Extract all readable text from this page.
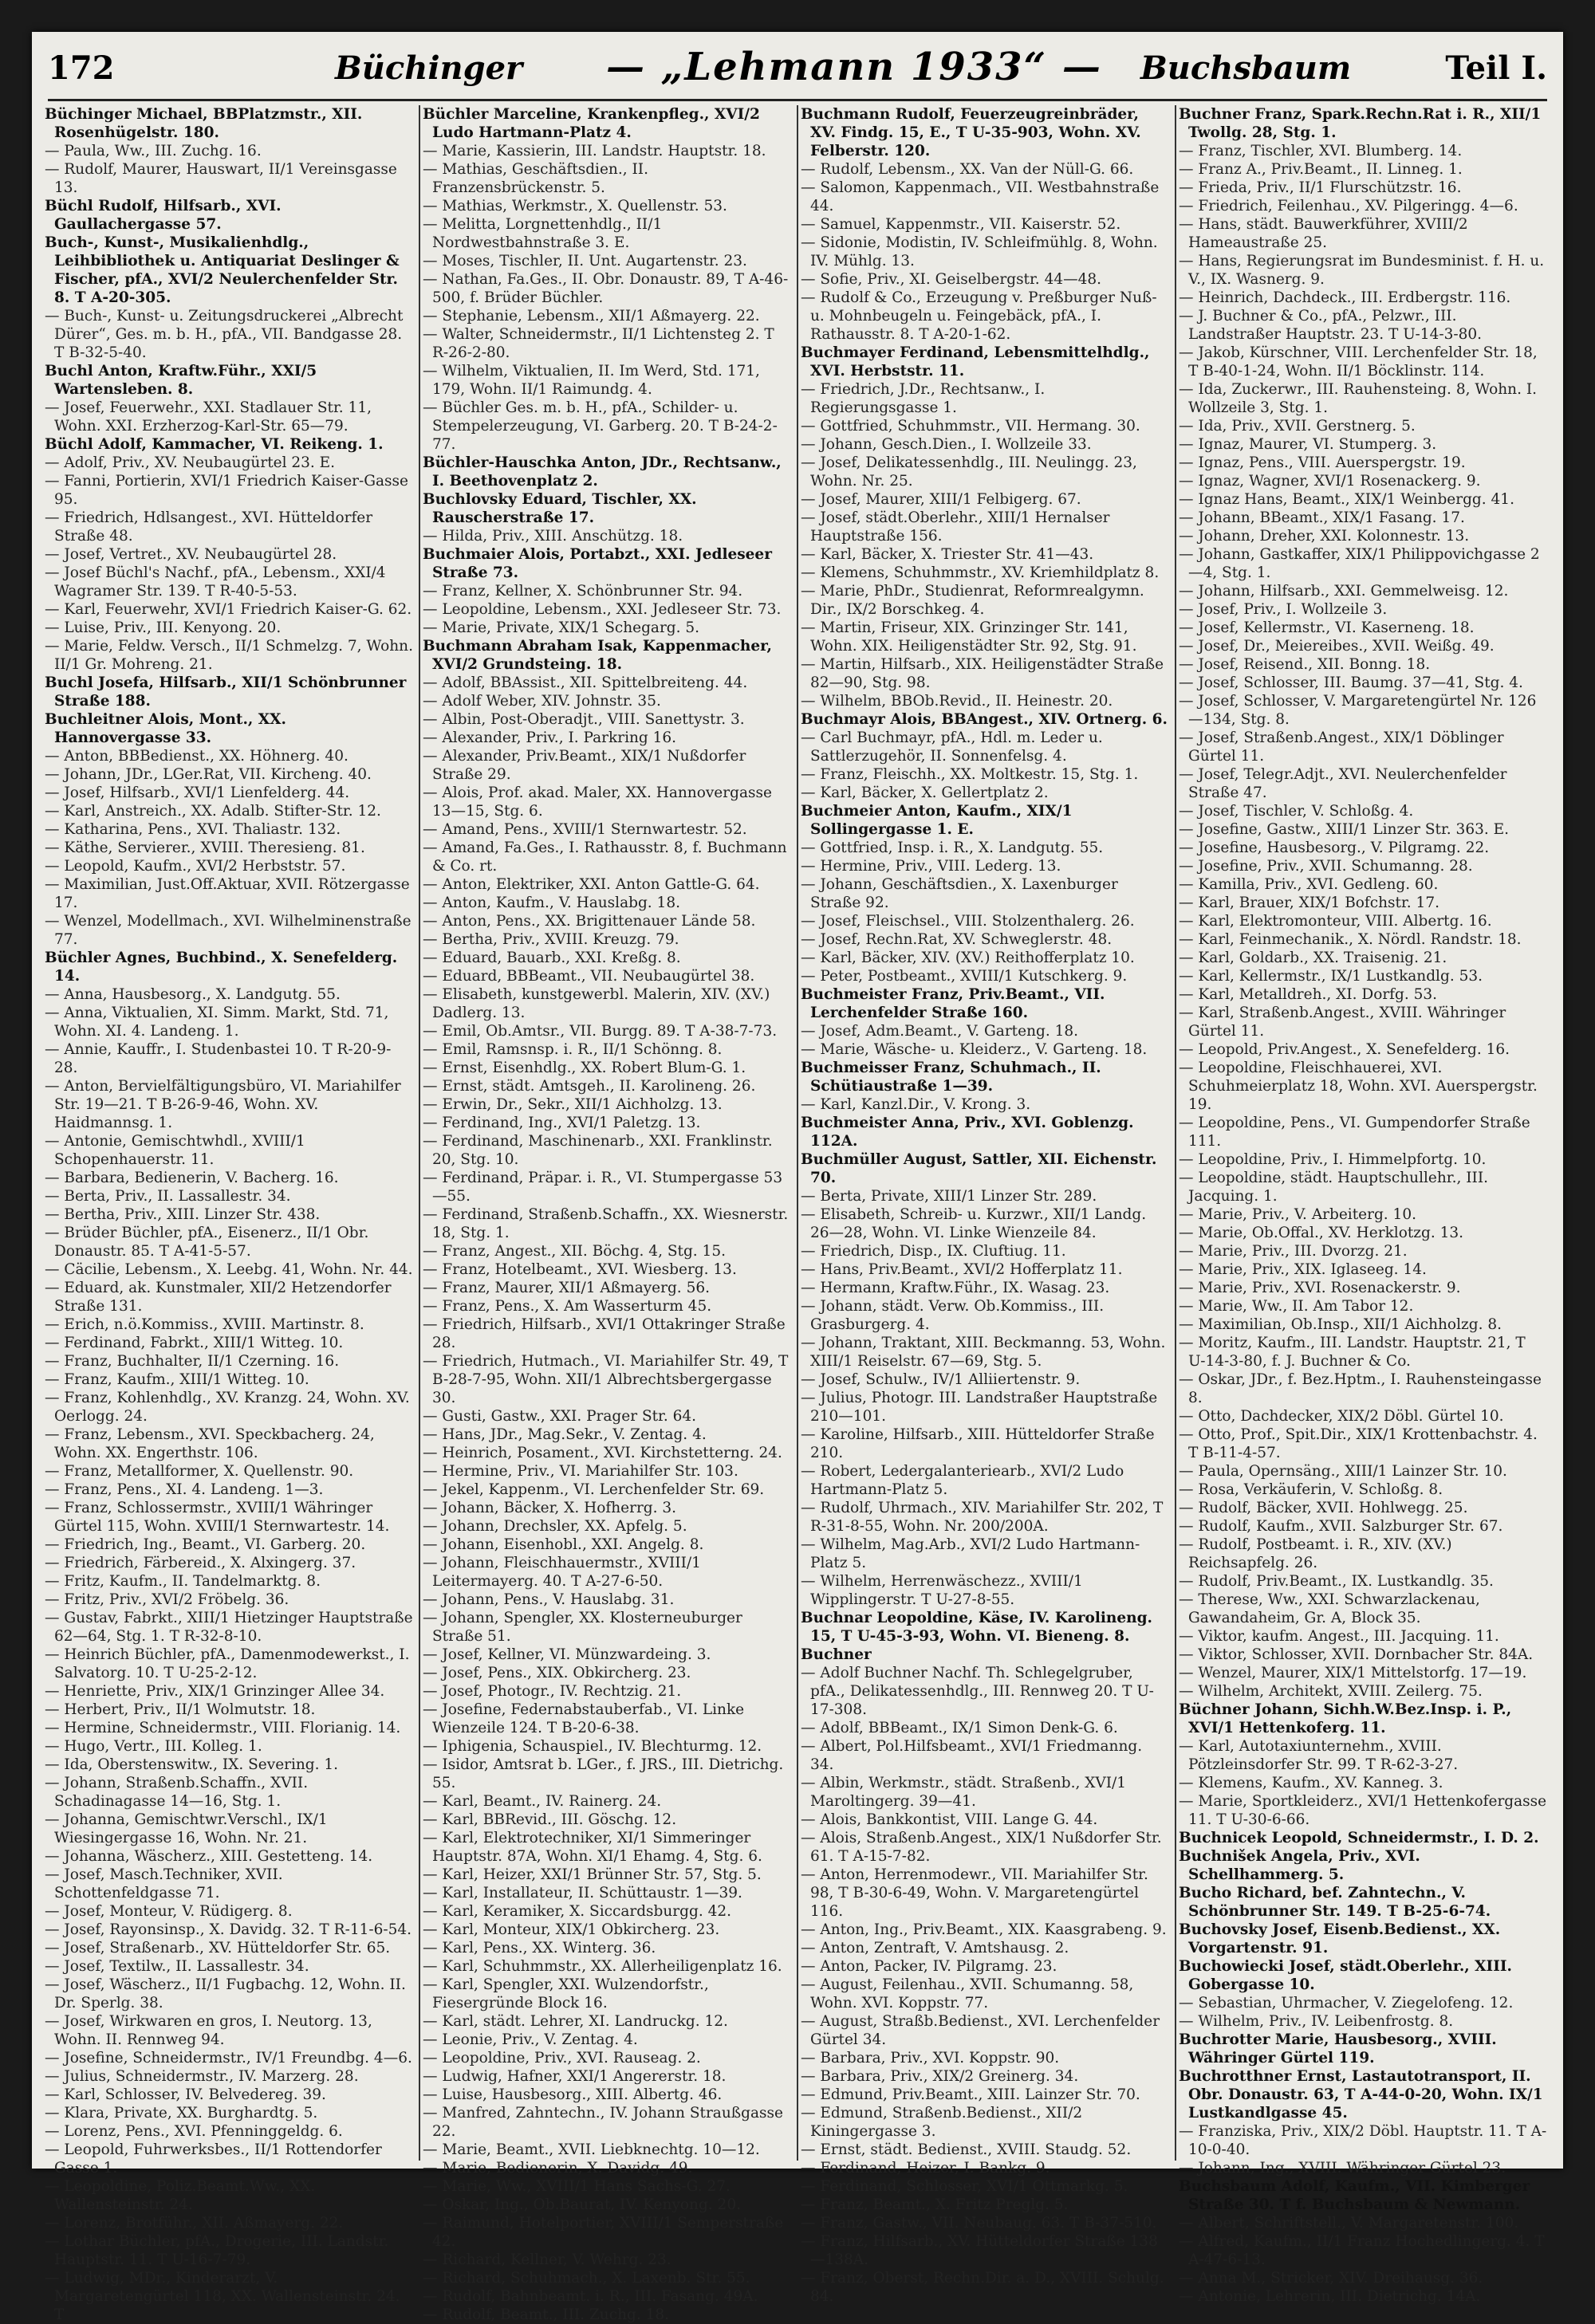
172	Büchinger — „Lehmann 1933“ — Buchsbaum	Teil I.

Büchinger Michael, BBPlatzmstr., XII. Rosenhügelstr. 180.

— Paula, Ww., III. Zuchg. 16.

— Rudolf, Maurer, Hauswart, II/1 Vereinsgasse 13.

Büchl Rudolf, Hilfsarb., XVI. Gaullachergasse 57.

Buch-, Kunst-, Musikalienhdlg., Leihbibliothek u. Antiquariat Deslinger & Fischer, pfA., XVI/2 Neulerchenfelder Str. 8. T A-20-305.

— Buch-, Kunst- u. Zeitungsdruckerei „Albrecht Dürer“, Ges. m. b. H., pfA., VII. Bandgasse 28. T B-32-5-40.

Buchl Anton, Kraftw.Führ., XXI/5 Wartensleben. 8.

— Josef, Feuerwehr., XXI. Stadlauer Str. 11, Wohn. XXI. Erzherzog-Karl-Str. 65—79.

Büchl Adolf, Kammacher, VI. Reikeng. 1.

— Adolf, Priv., XV. Neubaugürtel 23. E.

— Fanni, Portierin, XVI/1 Friedrich Kaiser-Gasse 95.

— Friedrich, Hdlsangest., XVI. Hütteldorfer Straße 48.

— Josef, Vertret., XV. Neubaugürtel 28.

— Josef Büchl's Nachf., pfA., Lebensm., XXI/4 Wagramer Str. 139. T R-40-5-53.

— Karl, Feuerwehr, XVI/1 Friedrich Kaiser-G. 62.

— Luise, Priv., III. Kenyong. 20.

— Marie, Feldw. Versch., II/1 Schmelzg. 7, Wohn. II/1 Gr. Mohreng. 21.

Buchl Josefa, Hilfsarb., XII/1 Schönbrunner Straße 188.

Buchleitner Alois, Mont., XX. Hannovergasse 33.

— Anton, BBBedienst., XX. Höhnerg. 40.

— Johann, JDr., LGer.Rat, VII. Kircheng. 40.

— Josef, Hilfsarb., XVI/1 Lienfelderg. 44.

— Karl, Anstreich., XX. Adalb. Stifter-Str. 12.

— Katharina, Pens., XVI. Thaliastr. 132.

— Käthe, Servierer., XVIII. Theresieng. 81.

— Leopold, Kaufm., XVI/2 Herbststr. 57.

— Maximilian, Just.Off.Aktuar, XVII. Rötzergasse 17.

— Wenzel, Modellmach., XVI. Wilhelminenstraße 77.

Büchler Agnes, Buchbind., X. Senefelderg. 14.

— Anna, Hausbesorg., X. Landgutg. 55.

— Anna, Viktualien, XI. Simm. Markt, Std. 71, Wohn. XI. 4. Landeng. 1.

— Annie, Kauffr., I. Studenbastei 10. T R-20-9-28.

— Anton, Bervielfältigungsbüro, VI. Mariahilfer Str. 19—21. T B-26-9-46, Wohn. XV. Haidmannsg. 1.

— Antonie, Gemischtwhdl., XVIII/1 Schopenhauerstr. 11.

— Barbara, Bedienerin, V. Bacherg. 16.

— Berta, Priv., II. Lassallestr. 34.

— Bertha, Priv., XIII. Linzer Str. 438.

— Brüder Büchler, pfA., Eisenerz., II/1 Obr. Donaustr. 85. T A-41-5-57.

— Cäcilie, Lebensm., X. Leebg. 41, Wohn. Nr. 44.

— Eduard, ak. Kunstmaler, XII/2 Hetzendorfer Straße 131.

— Erich, n.ö.Kommiss., XVIII. Martinstr. 8.

— Ferdinand, Fabrkt., XIII/1 Witteg. 10.

— Franz, Buchhalter, II/1 Czerning. 16.

— Franz, Kaufm., XIII/1 Witteg. 10.

— Franz, Kohlenhdlg., XV. Kranzg. 24, Wohn. XV. Oerlogg. 24.

— Franz, Lebensm., XVI. Speckbacherg. 24, Wohn. XX. Engerthstr. 106.

— Franz, Metallformer, X. Quellenstr. 90.

— Franz, Pens., XI. 4. Landeng. 1—3.

— Franz, Schlossermstr., XVIII/1 Währinger Gürtel 115, Wohn. XVIII/1 Sternwartestr. 14.

— Friedrich, Ing., Beamt., VI. Garberg. 20.

— Friedrich, Färbereid., X. Alxingerg. 37.

— Fritz, Kaufm., II. Tandelmarktg. 8.

— Fritz, Priv., XVI/2 Fröbelg. 36.

— Gustav, Fabrkt., XIII/1 Hietzinger Hauptstraße 62—64, Stg. 1. T R-32-8-10.

— Heinrich Büchler, pfA., Damenmodewerkst., I. Salvatorg. 10. T U-25-2-12.

— Henriette, Priv., XIX/1 Grinzinger Allee 34.

— Herbert, Priv., II/1 Wolmutstr. 18.

— Hermine, Schneidermstr., VIII. Florianig. 14.

— Hugo, Vertr., III. Kolleg. 1.

— Ida, Oberstenswitw., IX. Severing. 1.

— Johann, Straßenb.Schaffn., XVII. Schadinagasse 14—16, Stg. 1.

— Johanna, Gemischtwr.Verschl., IX/1 Wiesingergasse 16, Wohn. Nr. 21.

— Johanna, Wäscherz., XIII. Gestetteng. 14.

— Josef, Masch.Techniker, XVII. Schottenfeldgasse 71.

— Josef, Monteur, V. Rüdigerg. 8.

— Josef, Rayonsinsp., X. Davidg. 32. T R-11-6-54.

— Josef, Straßenarb., XV. Hütteldorfer Str. 65.

— Josef, Textilw., II. Lassallestr. 34.

— Josef, Wäscherz., II/1 Fugbachg. 12, Wohn. II. Dr. Sperlg. 38.

— Josef, Wirkwaren en gros, I. Neutorg. 13, Wohn. II. Rennweg 94.

— Josefine, Schneidermstr., IV/1 Freundbg. 4—6.

— Julius, Schneidermstr., IV. Marzerg. 28.

— Karl, Schlosser, IV. Belvedereg. 39.

— Klara, Private, XX. Burghardtg. 5.

— Lorenz, Pens., XVI. Pfenninggeldg. 6.

— Leopold, Fuhrwerksbes., II/1 Rottendorfer Gasse 1.

— Leopoldine, Poliz.Beamt.Ww., XX. Wallensteinstr. 24.

— Lorenz, Brotführ., XII. Aßmayerg. 22.

— Lothar Büchler, pfA., Drogerie, III. Landstr. Hauptstr. 11. T U-16-7-79.

— Ludwig, MDr., Kinderarzt, V. Margaretengürtel 118, XX. Wallensteinstr. 24. T

Büchler Marceline, Krankenpfleg., XVI/2 Ludo Hartmann-Platz 4.

— Marie, Kassierin, III. Landstr. Hauptstr. 18.

— Mathias, Geschäftsdien., II. Franzensbrückenstr. 5.

— Mathias, Werkmstr., X. Quellenstr. 53.

— Melitta, Lorgnettenhdlg., II/1 Nordwestbahnstraße 3. E.

— Moses, Tischler, II. Unt. Augartenstr. 23.

— Nathan, Fa.Ges., II. Obr. Donaustr. 89, T A-46-500, f. Brüder Büchler.

— Stephanie, Lebensm., XII/1 Aßmayerg. 22.

— Walter, Schneidermstr., II/1 Lichtensteg 2. T R-26-2-80.

— Wilhelm, Viktualien, II. Im Werd, Std. 171, 179, Wohn. II/1 Raimundg. 4.

— Büchler Ges. m. b. H., pfA., Schilder- u. Stempelerzeugung, VI. Garberg. 20. T B-24-2-77.

Büchler-Hauschka Anton, JDr., Rechtsanw., I. Beethovenplatz 2.

Buchlovsky Eduard, Tischler, XX. Rauscherstraße 17.

— Hilda, Priv., XIII. Anschützg. 18.

Buchmaier Alois, Portabzt., XXI. Jedleseer Straße 73.

— Franz, Kellner, X. Schönbrunner Str. 94.

— Leopoldine, Lebensm., XXI. Jedleseer Str. 73.

— Marie, Private, XIX/1 Schegarg. 5.

Buchmann Abraham Isak, Kappenmacher, XVI/2 Grundsteing. 18.

— Adolf, BBAssist., XII. Spittelbreiteng. 44.

— Adolf Weber, XIV. Johnstr. 35.

— Albin, Post-Oberadjt., VIII. Sanettystr. 3.

— Alexander, Priv., I. Parkring 16.

— Alexander, Priv.Beamt., XIX/1 Nußdorfer Straße 29.

— Alois, Prof. akad. Maler, XX. Hannovergasse 13—15, Stg. 6.

— Amand, Pens., XVIII/1 Sternwartestr. 52.

— Amand, Fa.Ges., I. Rathausstr. 8, f. Buchmann & Co. rt.

— Anton, Elektriker, XXI. Anton Gattle-G. 64.

— Anton, Kaufm., V. Hauslabg. 18.

— Anton, Pens., XX. Brigittenauer Lände 58.

— Bertha, Priv., XVIII. Kreuzg. 79.

— Eduard, Bauarb., XXI. Kreßg. 8.

— Eduard, BBBeamt., VII. Neubaugürtel 38.

— Elisabeth, kunstgewerbl. Malerin, XIV. (XV.) Dadlerg. 13.

— Emil, Ob.Amtsr., VII. Burgg. 89. T A-38-7-73.

— Emil, Ramsnsp. i. R., II/1 Schönng. 8.

— Ernst, Eisenhdlg., XX. Robert Blum-G. 1.

— Ernst, städt. Amtsgeh., II. Karolineng. 26.

— Erwin, Dr., Sekr., XII/1 Aichholzg. 13.

— Ferdinand, Ing., XVI/1 Paletzg. 13.

— Ferdinand, Maschinenarb., XXI. Franklinstr. 20, Stg. 10.

— Ferdinand, Präpar. i. R., VI. Stumpergasse 53—55.

— Ferdinand, Straßenb.Schaffn., XX. Wiesnerstr. 18, Stg. 1.

— Franz, Angest., XII. Böchg. 4, Stg. 15.

— Franz, Hotelbeamt., XVI. Wiesberg. 13.

— Franz, Maurer, XII/1 Aßmayerg. 56.

— Franz, Pens., X. Am Wasserturm 45.

— Friedrich, Hilfsarb., XVI/1 Ottakringer Straße 28.

— Friedrich, Hutmach., VI. Mariahilfer Str. 49, T B-28-7-95, Wohn. XII/1 Albrechtsbergergasse 30.

— Gusti, Gastw., XXI. Prager Str. 64.

— Hans, JDr., Mag.Sekr., V. Zentag. 4.

— Heinrich, Posament., XVI. Kirchstetterng. 24.

— Hermine, Priv., VI. Mariahilfer Str. 103.

— Jekel, Kappenm., VI. Lerchenfelder Str. 69.

— Johann, Bäcker, X. Hofherrg. 3.

— Johann, Drechsler, XX. Apfelg. 5.

— Johann, Eisenhobl., XXI. Angelg. 8.

— Johann, Fleischhauermstr., XVIII/1 Leitermayerg. 40. T A-27-6-50.

— Johann, Pens., V. Hauslabg. 31.

— Johann, Spengler, XX. Klosterneuburger Straße 51.

— Josef, Kellner, VI. Münzwardeing. 3.

— Josef, Pens., XIX. Obkircherg. 23.

— Josef, Photogr., IV. Rechtzig. 21.

— Josefine, Federnabstauberfab., VI. Linke Wienzeile 124. T B-20-6-38.

— Iphigenia, Schauspiel., IV. Blechturmg. 12.

— Isidor, Amtsrat b. LGer., f. JRS., III. Dietrichg. 55.

— Karl, Beamt., IV. Rainerg. 24.

— Karl, BBRevid., III. Göschg. 12.

— Karl, Elektrotechniker, XI/1 Simmeringer Hauptstr. 87A, Wohn. XI/1 Ehamg. 4, Stg. 6.

— Karl, Heizer, XXI/1 Brünner Str. 57, Stg. 5.

— Karl, Installateur, II. Schüttaustr. 1—39.

— Karl, Keramiker, X. Siccardsburgg. 42.

— Karl, Monteur, XIX/1 Obkircherg. 23.

— Karl, Pens., XX. Winterg. 36.

— Karl, Schuhmmstr., XX. Allerheiligenplatz 16.

— Karl, Spengler, XXI. Wulzendorfstr., Fiesergründe Block 16.

— Karl, städt. Lehrer, XI. Landruckg. 12.

— Leonie, Priv., V. Zentag. 4.

— Leopoldine, Priv., XVI. Rauseag. 2.

— Ludwig, Hafner, XXI/1 Angererstr. 18.

— Luise, Hausbesorg., XIII. Albertg. 46.

— Manfred, Zahntechn., IV. Johann Straußgasse 22.

— Marie, Beamt., XVII. Liebknechtg. 10—12.

— Marie, Bedienerin, X. Davidg. 49.

— Marie, Ww., XVIII/1 Hans Sachs-G. 27.

— Oskar, Ing., Ob.Baurat, IV. Kenyong. 20.

— Raimund, Hotelportier, XVIII/1 Semperstraße 42.

— Richard, Kellner, V. Wehrg. 23.

— Richard, Schuhmach., X. Laxenb. Str. 55.

— Rudolf, Bahnbeamt. i. R., III. Fasang. 49A.

— Rudolf, Beamt., III. Zuchg. 18.

Buchmann Rudolf, Feuerzeugreinbräder, XV. Findg. 15, E., T U-35-903, Wohn. XV. Felberstr. 120.

— Rudolf, Lebensm., XX. Van der Nüll-G. 66.

— Salomon, Kappenmach., VII. Westbahnstraße 44.

— Samuel, Kappenmstr., VII. Kaiserstr. 52.

— Sidonie, Modistin, IV. Schleifmühlg. 8, Wohn. IV. Mühlg. 13.

— Sofie, Priv., XI. Geiselbergstr. 44—48.

— Rudolf & Co., Erzeugung v. Preßburger Nuß- u. Mohnbeugeln u. Feingebäck, pfA., I. Rathausstr. 8. T A-20-1-62.

Buchmayer Ferdinand, Lebensmittelhdlg., XVI. Herbststr. 11.

— Friedrich, J.Dr., Rechtsanw., I. Regierungsgasse 1.

— Gottfried, Schuhmmstr., VII. Hermang. 30.

— Johann, Gesch.Dien., I. Wollzeile 33.

— Josef, Delikatessenhdlg., III. Neulingg. 23, Wohn. Nr. 25.

— Josef, Maurer, XIII/1 Felbigerg. 67.

— Josef, städt.Oberlehr., XIII/1 Hernalser Hauptstraße 156.

— Karl, Bäcker, X. Triester Str. 41—43.

— Klemens, Schuhmmstr., XV. Kriemhildplatz 8.

— Marie, PhDr., Studienrat, Reformrealgymn. Dir., IX/2 Borschkeg. 4.

— Martin, Friseur, XIX. Grinzinger Str. 141, Wohn. XIX. Heiligenstädter Str. 92, Stg. 91.

— Martin, Hilfsarb., XIX. Heiligenstädter Straße 82—90, Stg. 98.

— Wilhelm, BBOb.Revid., II. Heinestr. 20.

Buchmayr Alois, BBAngest., XIV. Ortnerg. 6.

— Carl Buchmayr, pfA., Hdl. m. Leder u. Sattlerzugehör, II. Sonnenfelsg. 4.

— Franz, Fleischh., XX. Moltkestr. 15, Stg. 1.

— Karl, Bäcker, X. Gellertplatz 2.

Buchmeier Anton, Kaufm., XIX/1 Sollingergasse 1. E.

— Gottfried, Insp. i. R., X. Landgutg. 55.

— Hermine, Priv., VIII. Lederg. 13.

— Johann, Geschäftsdien., X. Laxenburger Straße 92.

— Josef, Fleischsel., VIII. Stolzenthalerg. 26.

— Josef, Rechn.Rat, XV. Schweglerstr. 48.

— Karl, Bäcker, XIV. (XV.) Reithofferplatz 10.

— Peter, Postbeamt., XVIII/1 Kutschkerg. 9.

Buchmeister Franz, Priv.Beamt., VII. Lerchenfelder Straße 160.

— Josef, Adm.Beamt., V. Garteng. 18.

— Marie, Wäsche- u. Kleiderz., V. Garteng. 18.

Buchmeisser Franz, Schuhmach., II. Schütiaustraße 1—39.

— Karl, Kanzl.Dir., V. Krong. 3.

Buchmeister Anna, Priv., XVI. Goblenzg. 112A.

Buchmüller August, Sattler, XII. Eichenstr. 70.

— Berta, Private, XIII/1 Linzer Str. 289.

— Elisabeth, Schreib- u. Kurzwr., XII/1 Landg. 26—28, Wohn. VI. Linke Wienzeile 84.

— Friedrich, Disp., IX. Cluftiug. 11.

— Hans, Priv.Beamt., XVI/2 Hofferplatz 11.

— Hermann, Kraftw.Führ., IX. Wasag. 23.

— Johann, städt. Verw. Ob.Kommiss., III. Grasburgerg. 4.

— Johann, Traktant, XIII. Beckmanng. 53, Wohn. XIII/1 Reiselstr. 67—69, Stg. 5.

— Josef, Schulw., IV/1 Alliiertenstr. 9.

— Julius, Photogr. III. Landstraßer Hauptstraße 210—101.

— Karoline, Hilfsarb., XIII. Hütteldorfer Straße 210.

— Robert, Ledergalanteriearb., XVI/2 Ludo Hartmann-Platz 5.

— Rudolf, Uhrmach., XIV. Mariahilfer Str. 202, T R-31-8-55, Wohn. Nr. 200/200A.

— Wilhelm, Mag.Arb., XVI/2 Ludo Hartmann-Platz 5.

— Wilhelm, Herrenwäschezz., XVIII/1 Wipplingerstr. T U-27-8-55.

Buchnar Leopoldine, Käse, IV. Karolineng. 15, T U-45-3-93, Wohn. VI. Bieneng. 8.

Buchner

— Adolf Buchner Nachf. Th. Schlegelgruber, pfA., Delikatessenhdlg., III. Rennweg 20. T U-17-308.

— Adolf, BBBeamt., IX/1 Simon Denk-G. 6.

— Albert, Pol.Hilfsbeamt., XVI/1 Friedmanng. 34.

— Albin, Werkmstr., städt. Straßenb., XVI/1 Maroltingerg. 39—41.

— Alois, Bankkontist, VIII. Lange G. 44.

— Alois, Straßenb.Angest., XIX/1 Nußdorfer Str. 61. T A-15-7-82.

— Anton, Herrenmodewr., VII. Mariahilfer Str. 98, T B-30-6-49, Wohn. V. Margaretengürtel 116.

— Anton, Ing., Priv.Beamt., XIX. Kaasgrabeng. 9.

— Anton, Zentraft, V. Amtshausg. 2.

— Anton, Packer, IV. Pilgramg. 23.

— August, Feilenhau., XVII. Schumanng. 58, Wohn. XVI. Koppstr. 77.

— August, Straßb.Bedienst., XVI. Lerchenfelder Gürtel 34.

— Barbara, Priv., XVI. Koppstr. 90.

— Barbara, Priv., XIX/2 Greinerg. 34.

— Edmund, Priv.Beamt., XIII. Lainzer Str. 70.

— Edmund, Straßenb.Bedienst., XII/2 Kiningergasse 3.

— Ernst, städt. Bedienst., XVIII. Staudg. 52.

— Ferdinand, Heizer, I. Bankg. 9.

— Ferdinand, Schlosser, XVI/1 Ottmarkg. 5.

— Franz, Beamt., X. Fritz Preglg. 5.

— Franz, Gastw., VII. Neubaug. 63. T B-37-510.

— Franz, Hilfsarb., XV. Hütteldorfer Straße 138—138A.

— Franz, Oberst, Rechn.Dir. a. D., XVIII. Schulg. 84.

Buchner Franz, Spark.Rechn.Rat i. R., XII/1 Twollg. 28, Stg. 1.

— Franz, Tischler, XVI. Blumberg. 14.

— Franz A., Priv.Beamt., II. Linneg. 1.

— Frieda, Priv., II/1 Flurschützstr. 16.

— Friedrich, Feilenhau., XV. Pilgeringg. 4—6.

— Hans, städt. Bauwerkführer, XVIII/2 Hameaustraße 25.

— Hans, Regierungsrat im Bundesminist. f. H. u. V., IX. Wasnerg. 9.

— Heinrich, Dachdeck., III. Erdbergstr. 116.

— J. Buchner & Co., pfA., Pelzwr., III. Landstraßer Hauptstr. 23. T U-14-3-80.

— Jakob, Kürschner, VIII. Lerchenfelder Str. 18, T B-40-1-24, Wohn. II/1 Böcklinstr. 114.

— Ida, Zuckerwr., III. Rauhensteing. 8, Wohn. I. Wollzeile 3, Stg. 1.

— Ida, Priv., XVII. Gerstnerg. 5.

— Ignaz, Maurer, VI. Stumperg. 3.

— Ignaz, Pens., VIII. Auerspergstr. 19.

— Ignaz, Wagner, XVI/1 Rosenackerg. 9.

— Ignaz Hans, Beamt., XIX/1 Weinbergg. 41.

— Johann, BBeamt., XIX/1 Fasang. 17.

— Johann, Dreher, XXI. Kolonnestr. 13.

— Johann, Gastkaffer, XIX/1 Philippovichgasse 2—4, Stg. 1.

— Johann, Hilfsarb., XXI. Gemmelweisg. 12.

— Josef, Priv., I. Wollzeile 3.

— Josef, Kellermstr., VI. Kaserneng. 18.

— Josef, Dr., Meiereibes., XVII. Weißg. 49.

— Josef, Reisend., XII. Bonng. 18.

— Josef, Schlosser, III. Baumg. 37—41, Stg. 4.

— Josef, Schlosser, V. Margaretengürtel Nr. 126—134, Stg. 8.

— Josef, Straßenb.Angest., XIX/1 Döblinger Gürtel 11.

— Josef, Telegr.Adjt., XVI. Neulerchenfelder Straße 47.

— Josef, Tischler, V. Schloßg. 4.

— Josefine, Gastw., XIII/1 Linzer Str. 363. E.

— Josefine, Hausbesorg., V. Pilgramg. 22.

— Josefine, Priv., XVII. Schumanng. 28.

— Kamilla, Priv., XVI. Gedleng. 60.

— Karl, Brauer, XIX/1 Bofchstr. 17.

— Karl, Elektromonteur, VIII. Albertg. 16.

— Karl, Feinmechanik., X. Nördl. Randstr. 18.

— Karl, Goldarb., XX. Traisenig. 21.

— Karl, Kellermstr., IX/1 Lustkandlg. 53.

— Karl, Metalldreh., XI. Dorfg. 53.

— Karl, Straßenb.Angest., XVIII. Währinger Gürtel 11.

— Leopold, Priv.Angest., X. Senefelderg. 16.

— Leopoldine, Fleischhauerei, XVI. Schuhmeierplatz 18, Wohn. XVI. Auerspergstr. 19.

— Leopoldine, Pens., VI. Gumpendorfer Straße 111.

— Leopoldine, Priv., I. Himmelpfortg. 10.

— Leopoldine, städt. Hauptschullehr., III. Jacquing. 1.

— Marie, Priv., V. Arbeiterg. 10.

— Marie, Ob.Offal., XV. Herklotzg. 13.

— Marie, Priv., III. Dvorzg. 21.

— Marie, Priv., XIX. Iglaseeg. 14.

— Marie, Priv., XVI. Rosenackerstr. 9.

— Marie, Ww., II. Am Tabor 12.

— Maximilian, Ob.Insp., XII/1 Aichholzg. 8.

— Moritz, Kaufm., III. Landstr. Hauptstr. 21, T U-14-3-80, f. J. Buchner & Co.

— Oskar, JDr., f. Bez.Hptm., I. Rauhensteingasse 8.

— Otto, Dachdecker, XIX/2 Döbl. Gürtel 10.

— Otto, Prof., Spit.Dir., XIX/1 Krottenbachstr. 4. T B-11-4-57.

— Paula, Opernsäng., XIII/1 Lainzer Str. 10.

— Rosa, Verkäuferin, V. Schloßg. 8.

— Rudolf, Bäcker, XVII. Hohlwegg. 25.

— Rudolf, Kaufm., XVII. Salzburger Str. 67.

— Rudolf, Postbeamt. i. R., XIV. (XV.) Reichsapfelg. 26.

— Rudolf, Priv.Beamt., IX. Lustkandlg. 35.

— Therese, Ww., XXI. Schwarzlackenau, Gawandaheim, Gr. A, Block 35.

— Viktor, kaufm. Angest., III. Jacquing. 11.

— Viktor, Schlosser, XVII. Dornbacher Str. 84A.

— Wenzel, Maurer, XIX/1 Mittelstorfg. 17—19.

— Wilhelm, Architekt, XVIII. Zeilerg. 75.

Büchner Johann, Sichh.W.Bez.Insp. i. P., XVI/1 Hettenkoferg. 11.

— Karl, Autotaxiunternehm., XVIII. Pötzleinsdorfer Str. 99. T R-62-3-27.

— Klemens, Kaufm., XV. Kanneg. 3.

— Marie, Sportkleiderz., XVI/1 Hettenkofergasse 11. T U-30-6-66.

Buchnicek Leopold, Schneidermstr., I. D. 2.

Buchnišek Angela, Priv., XVI. Schellhammerg. 5.

Bucho Richard, bef. Zahntechn., V. Schönbrunner Str. 149. T B-25-6-74.

Buchovsky Josef, Eisenb.Bedienst., XX. Vorgartenstr. 91.

Buchowiecki Josef, städt.Oberlehr., XIII. Gobergasse 10.

— Sebastian, Uhrmacher, V. Ziegelofeng. 12.

— Wilhelm, Priv., IV. Leibenfrostg. 8.

Buchrotter Marie, Hausbesorg., XVIII. Währinger Gürtel 119.

Buchrotthner Ernst, Lastautotransport, II. Obr. Donaustr. 63, T A-44-0-20, Wohn. IX/1 Lustkandlgasse 45.

— Franziska, Priv., XIX/2 Döbl. Hauptstr. 11. T A-10-0-40.

— Johann, Ing., XVIII. Währinger Gürtel 23.

Buchsbaum Adolf, Kaufm., VII. Kimberger Straße 30. T f. Buchsbaum & Newmann.

— Albert, Schriftstell., V. Margaretenstr. 100.

— Alfred, Kaufm., II/1 Franz Hochedlingerg. 4. T A-47-6-13.

— Anna M., Stricker, XIV. Dreihausg. 36.

— Antonie, Lehrerin, III. Dietrichg. 14A.
